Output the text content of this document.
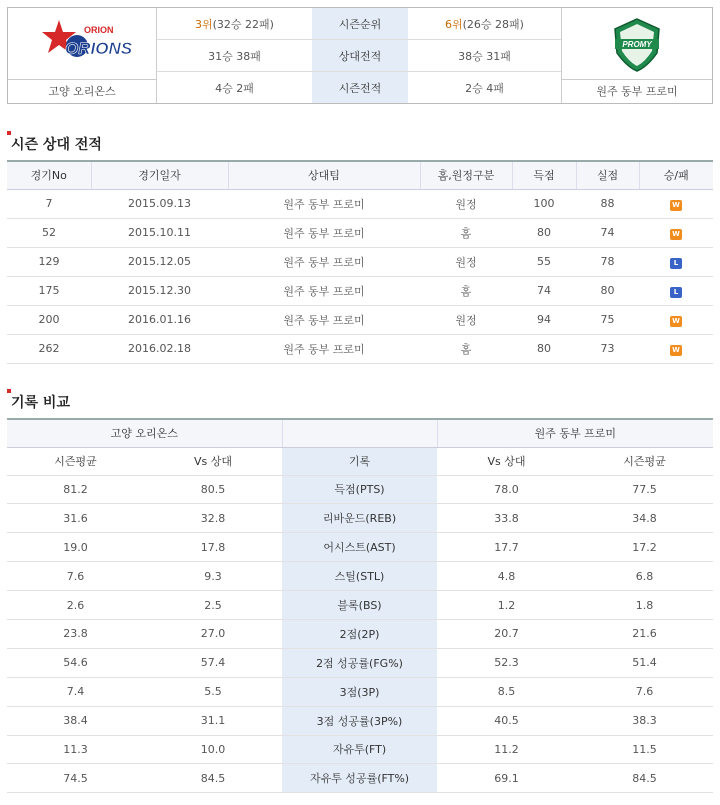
ORION
ORIONS
고양 오리온스
3위 (32승 22패)	시즌순위	6위 (26승 28패)
31승 38패	상대전적	38승 31패
4승 2패	시즌전적	2승 4패
PROMY
원주 동부 프로미
시즌 상대 전적
경기No	경기일자	상대팀	홈,원정구분	득점	실점	승/패
7	2015.09.13	원주 동부 프로미	원정	100	88	W
52	2015.10.11	원주 동부 프로미	홈	80	74	W
129	2015.12.05	원주 동부 프로미	원정	55	78	L
175	2015.12.30	원주 동부 프로미	홈	74	80	L
200	2016.01.16	원주 동부 프로미	원정	94	75	W
262	2016.02.18	원주 동부 프로미	홈	80	73	W
기록 비교
고양 오리온스			원주 동부 프로미	
시즌평균	Vs 상대	기록	Vs 상대	시즌평균
81.2	80.5	득점(PTS)	78.0	77.5
31.6	32.8	리바운드(REB)	33.8	34.8
19.0	17.8	어시스트(AST)	17.7	17.2
7.6	9.3	스틸(STL)	4.8	6.8
2.6	2.5	블록(BS)	1.2	1.8
23.8	27.0	2점(2P)	20.7	21.6
54.6	57.4	2점 성공률(FG%)	52.3	51.4
7.4	5.5	3점(3P)	8.5	7.6
38.4	31.1	3점 성공률(3P%)	40.5	38.3
11.3	10.0	자유투(FT)	11.2	11.5
74.5	84.5	자유투 성공률(FT%)	69.1	84.5
